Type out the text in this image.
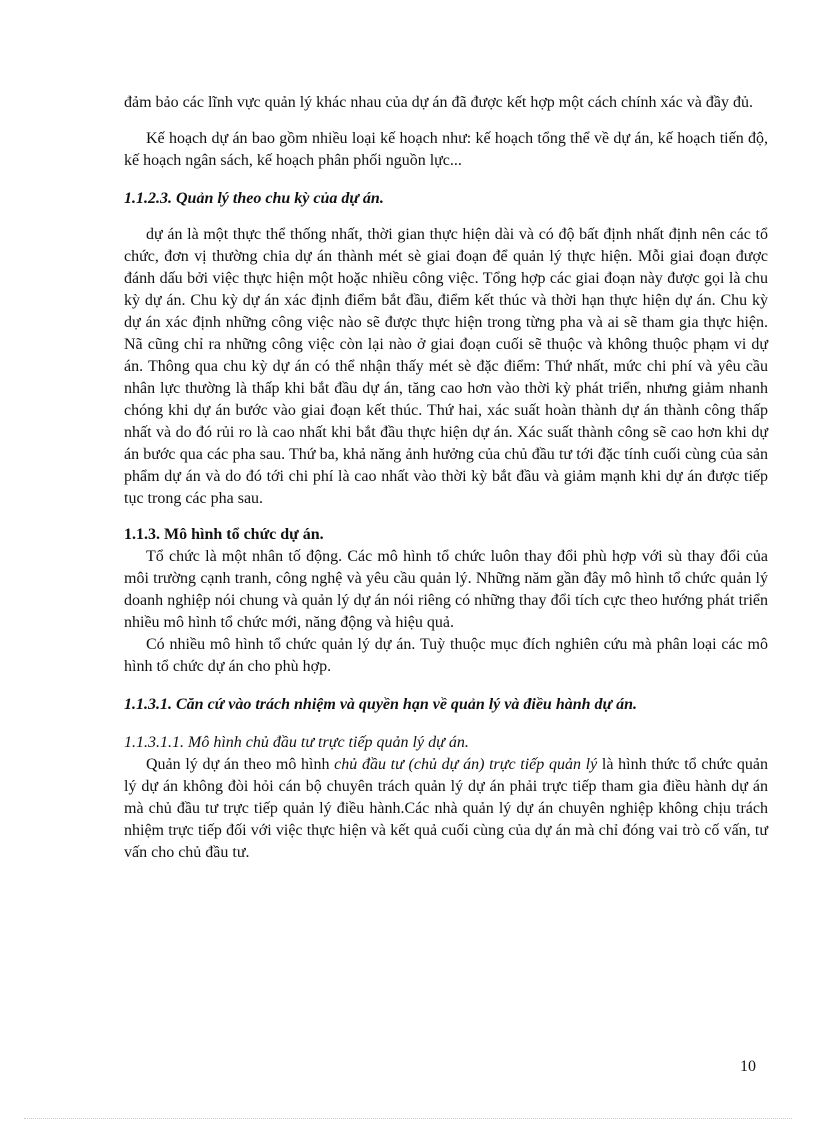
đảm bảo các lĩnh vực quản lý khác nhau của dự án đã được kết hợp một cách chính xác và đầy đủ.

Kế hoạch dự án bao gồm nhiều loại kế hoạch như: kế hoạch tổng thể về dự án, kế hoạch tiến độ, kế hoạch ngân sách, kế hoạch phân phối nguồn lực...

1.1.2.3. Quản lý theo chu kỳ của dự án.

dự án là một thực thể thống nhất, thời gian thực hiện dài và có độ bất định nhất định nên các tổ chức, đơn vị thường chia dự án thành mét sè giai đoạn để quản lý thực hiện. Mỗi giai đoạn được đánh dấu bởi việc thực hiện một hoặc nhiều công việc. Tổng hợp các giai đoạn này được gọi là chu kỳ dự án. Chu kỳ dự án xác định điểm bắt đầu, điểm kết thúc và thời hạn thực hiện dự án. Chu kỳ dự án xác định những công việc nào sẽ được thực hiện trong từng pha và ai sẽ tham gia thực hiện. Nã cũng chỉ ra những công việc còn lại nào ở giai đoạn cuối sẽ thuộc và không thuộc phạm vi dự án. Thông qua chu kỳ dự án có thể nhận thấy mét sè đặc điểm: Thứ nhất, mức chi phí và yêu cầu nhân lực thường là thấp khi bắt đầu dự án, tăng cao hơn vào thời kỳ phát triển, nhưng giảm nhanh chóng khi dự án bước vào giai đoạn kết thúc. Thứ hai, xác suất hoàn thành dự án thành công thấp nhất và do đó rủi ro là cao nhất khi bắt đầu thực hiện dự án. Xác suất thành công sẽ cao hơn khi dự án bước qua các pha sau. Thứ ba, khả năng ảnh hưởng của chủ đầu tư tới đặc tính cuối cùng của sản phẩm dự án và do đó tới chi phí là cao nhất vào thời kỳ bắt đầu và giảm mạnh khi dự án được tiếp tục trong các pha sau.

1.1.3. Mô hình tổ chức dự án.

Tổ chức là một nhân tố động. Các mô hình tổ chức luôn thay đổi phù hợp với sù thay đổi của môi trường cạnh tranh, công nghệ và yêu cầu quản lý. Những năm gần đây mô hình tổ chức quản lý doanh nghiệp nói chung và quản lý dự án nói riêng có những thay đổi tích cực theo hướng phát triển nhiều mô hình tổ chức mới, năng động và hiệu quả.

Có nhiều mô hình tổ chức quản lý dự án. Tuỳ thuộc mục đích nghiên cứu mà phân loại các mô hình tổ chức dự án cho phù hợp.

1.1.3.1. Căn cứ vào trách nhiệm và quyền hạn về quản lý và điều hành dự án.

1.1.3.1.1. Mô hình chủ đầu tư trực tiếp quản lý dự án.

Quản lý dự án theo mô hình chủ đầu tư (chủ dự án) trực tiếp quản lý là hình thức tổ chức quản lý dự án không đòi hỏi cán bộ chuyên trách quản lý dự án phải trực tiếp tham gia điều hành dự án mà chủ đầu tư trực tiếp quản lý điều hành.Các nhà quản lý dự án chuyên nghiệp không chịu trách nhiệm trực tiếp đối với việc thực hiện và kết quả cuối cùng của dự án mà chỉ đóng vai trò cố vấn, tư vấn cho chủ đầu tư.

10
